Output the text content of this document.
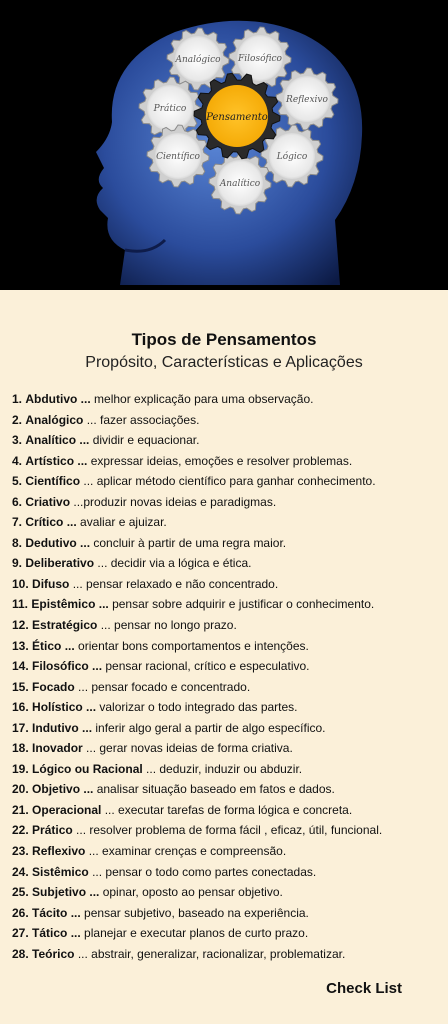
Analógico Filosófico
Prático
Reflexivo
Científico	Lógico
Analítico
Pensamento
Tipos de Pensamentos
Propósito, Características e Aplicações
1. Abdutivo ... melhor explicação para uma observação.
2. Analógico ... fazer associações.
3. Analítico ... dividir e equacionar.
4. Artístico ... expressar ideias, emoções e resolver problemas.
5. Científico ... aplicar método científico para ganhar conhecimento.
6. Criativo ...produzir novas ideias e paradigmas.
7. Crítico ... avaliar e ajuizar.
8. Dedutivo ... concluir à partir de uma regra maior.
9. Deliberativo ... decidir via a lógica e ética.
10. Difuso ... pensar relaxado e não concentrado.
11. Epistêmico ... pensar sobre adquirir e justificar o conhecimento.
12. Estratégico ... pensar no longo prazo.
13. Ético ... orientar bons comportamentos e intenções.
14. Filosófico ... pensar racional, crítico e especulativo.
15. Focado ... pensar focado e concentrado.
16. Holístico ... valorizar o todo integrado das partes.
17. Indutivo ... inferir algo geral a partir de algo específico.
18. Inovador ... gerar novas ideias de forma criativa.
19. Lógico ou Racional ... deduzir, induzir ou abduzir.
20. Objetivo ... analisar situação baseado em fatos e dados.
21. Operacional ... executar tarefas de forma lógica e concreta.
22. Prático ... resolver problema de forma fácil , eficaz, útil, funcional.
23. Reflexivo ... examinar crenças e compreensão.
24. Sistêmico ... pensar o todo como partes conectadas.
25. Subjetivo ... opinar, oposto ao pensar objetivo.
26. Tácito ... pensar subjetivo, baseado na experiência.
27. Tático ... planejar e executar planos de curto prazo.
28. Teórico ... abstrair, generalizar, racionalizar, problematizar.
Check List
